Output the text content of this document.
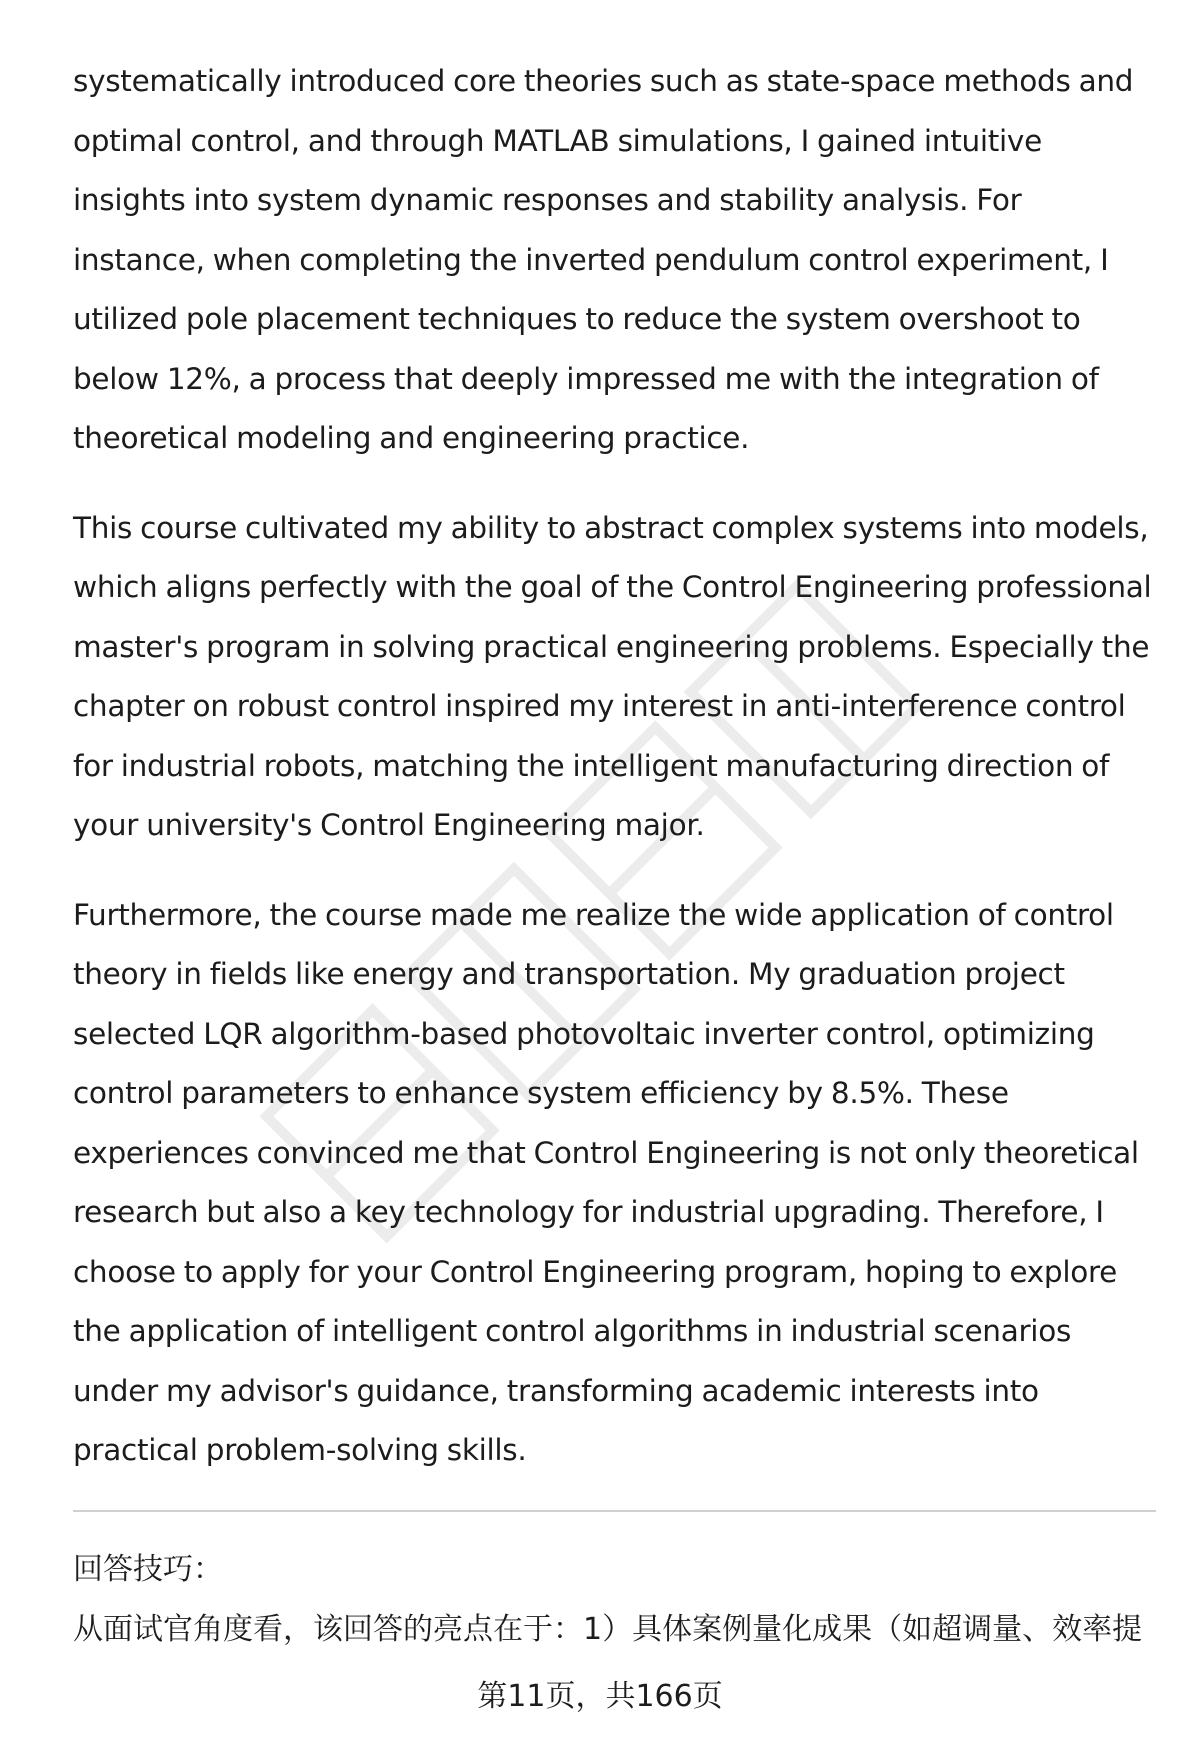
systematically introduced core theories such as state-space methods and optimal control, and through MATLAB simulations, I gained intuitive insights into system dynamic responses and stability analysis. For instance, when completing the inverted pendulum control experiment, I utilized pole placement techniques to reduce the system overshoot to below 12%, a process that deeply impressed me with the integration of theoretical modeling and engineering practice.

This course cultivated my ability to abstract complex systems into models, which aligns perfectly with the goal of the Control Engineering professional master's program in solving practical engineering problems. Especially the chapter on robust control inspired my interest in anti-interference control for industrial robots, matching the intelligent manufacturing direction of your university's Control Engineering major.

Furthermore, the course made me realize the wide application of control theory in fields like energy and transportation. My graduation project selected LQR algorithm-based photovoltaic inverter control, optimizing control parameters to enhance system efficiency by 8.5%. These experiences convinced me that Control Engineering is not only theoretical research but also a key technology for industrial upgrading. Therefore, I choose to apply for your Control Engineering program, hoping to explore the application of intelligent control algorithms in industrial scenarios under my advisor's guidance, transforming academic interests into practical problem-solving skills.

回答技巧：
从面试官角度看，该回答的亮点在于：1）具体案例量化成果（如超调量、效率提
第11页，共166页
